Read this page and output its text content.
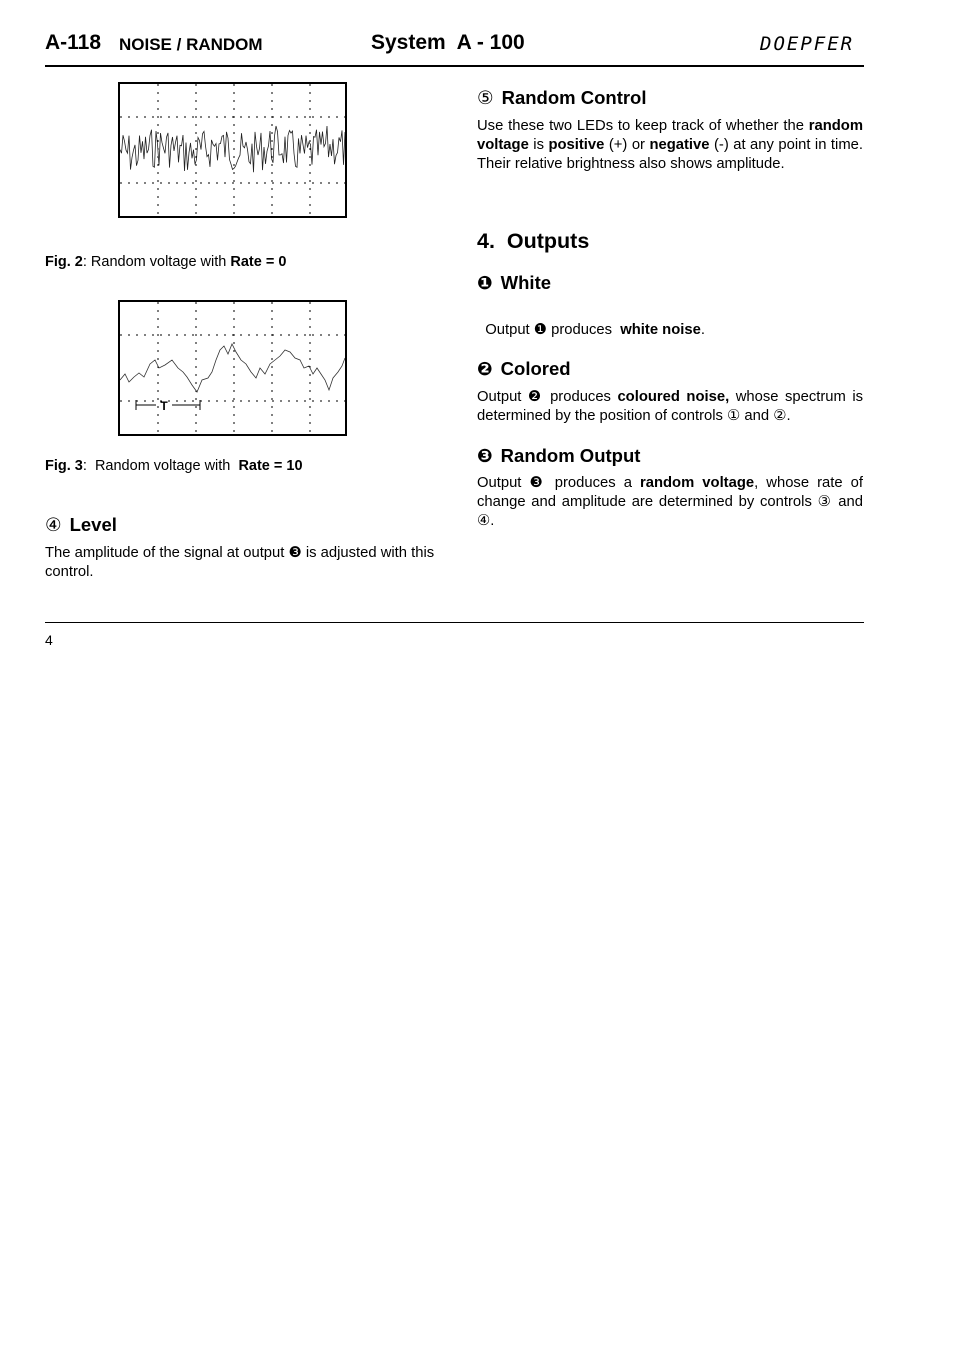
A-118 NOISE / RANDOM	System  A - 100	DOEPFER
Fig. 2: Random voltage with Rate = 0
T
Fig. 3:  Random voltage with  Rate = 10
④ Level
The amplitude of the signal at output ❸ is adjusted with this control.
⑤ Random Control
Use these two LEDs to keep track of whether the random voltage is positive (+) or negative (-) at any point in time. Their relative brightness also shows amplitude.
4.  Outputs
❶ White

Output ❶ produces  white noise.

❷ Colored
Output ❷ produces coloured noise, whose spectrum is determined by the position of controls ① and ②.
❸ Random Output
Output ❸ produces a random voltage, whose rate of change and amplitude are determined by controls ③ and ④.
4
